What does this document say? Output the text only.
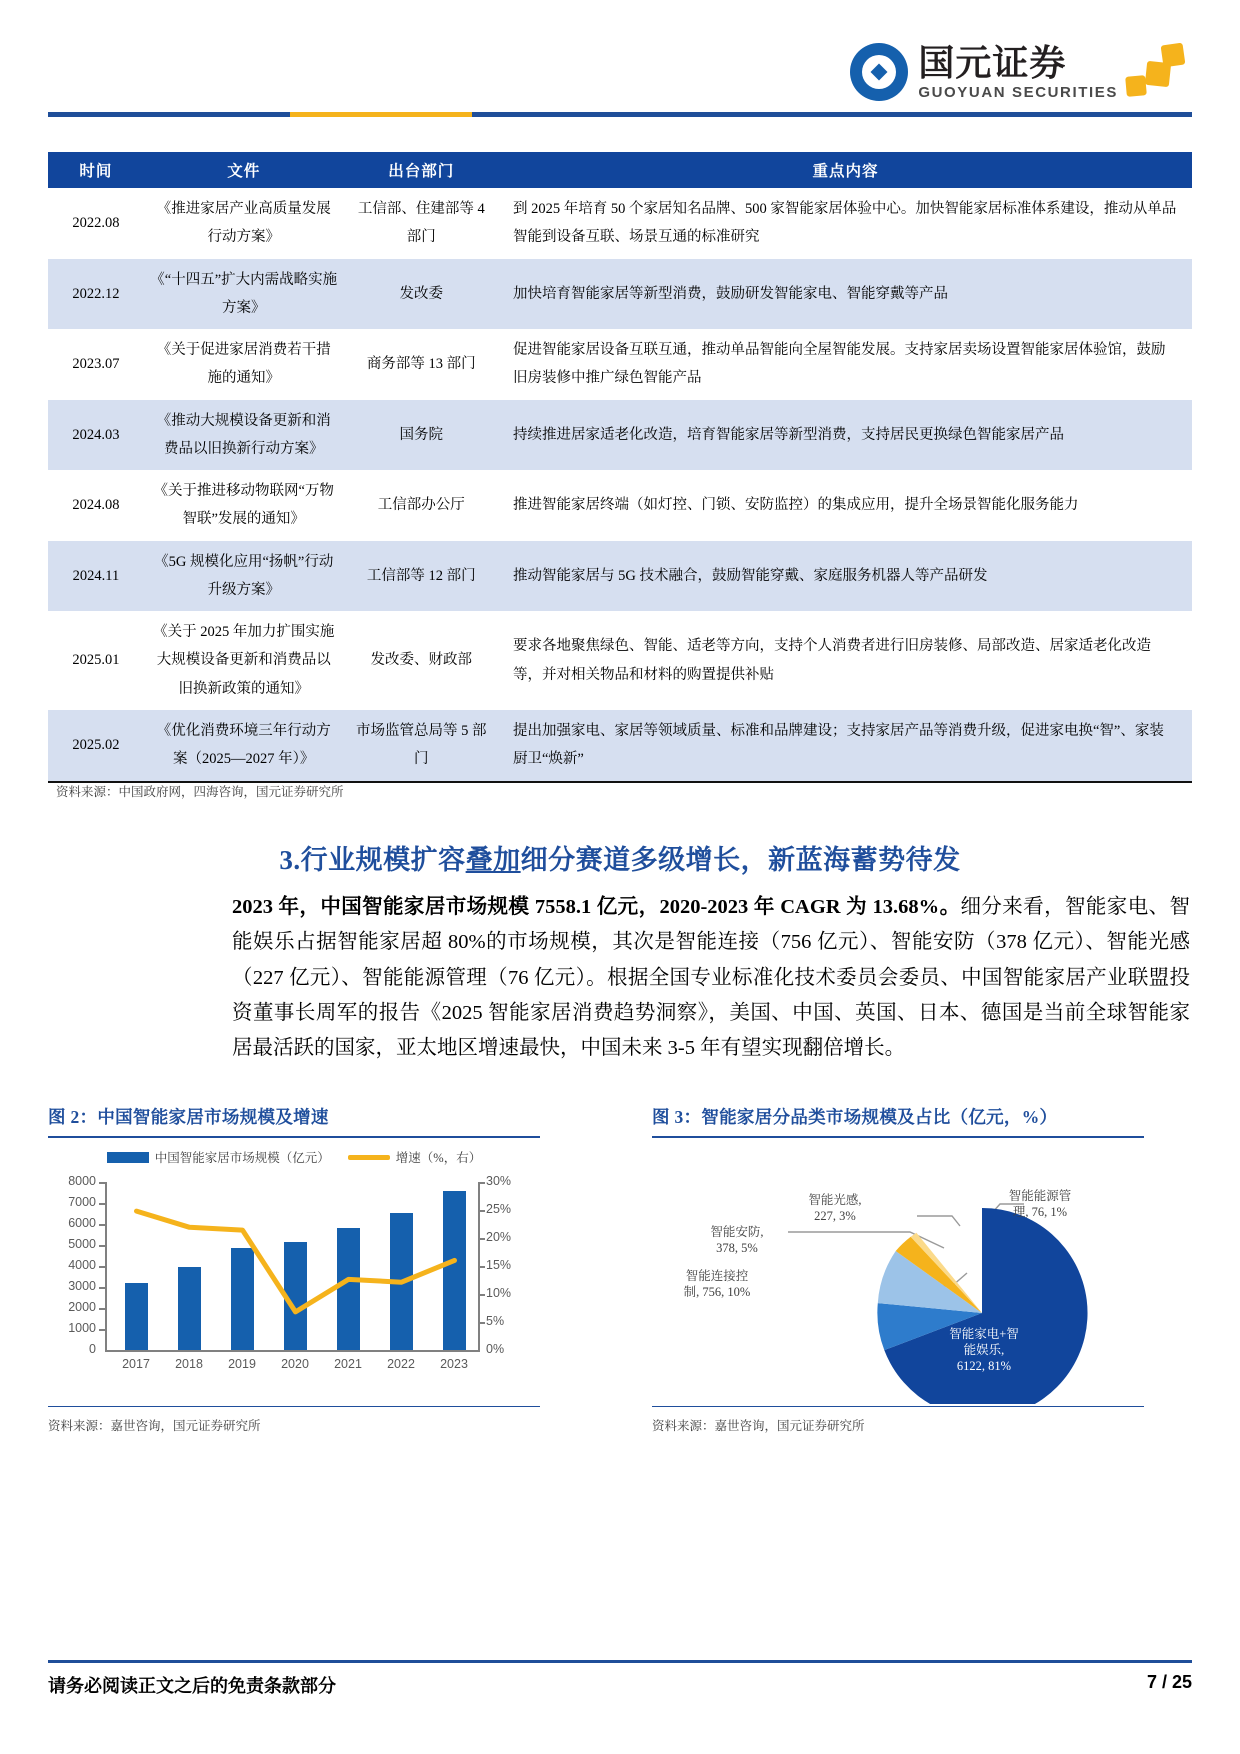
国元证券
GUOYUAN SECURITIES
时间	文件	出台部门	重点内容
2022.08	《推进家居产业高质量发展行动方案》	工信部、住建部等 4 部门	到 2025 年培育 50 个家居知名品牌、500 家智能家居体验中心。加快智能家居标准体系建设，推动从单品智能到设备互联、场景互通的标准研究
2022.12	《“十四五”扩大内需战略实施方案》	发改委	加快培育智能家居等新型消费，鼓励研发智能家电、智能穿戴等产品
2023.07	《关于促进家居消费若干措施的通知》	商务部等 13 部门	促进智能家居设备互联互通，推动单品智能向全屋智能发展。支持家居卖场设置智能家居体验馆，鼓励旧房装修中推广绿色智能产品
2024.03	《推动大规模设备更新和消费品以旧换新行动方案》	国务院	持续推进居家适老化改造，培育智能家居等新型消费，支持居民更换绿色智能家居产品
2024.08	《关于推进移动物联网“万物智联”发展的通知》	工信部办公厅	推进智能家居终端（如灯控、门锁、安防监控）的集成应用，提升全场景智能化服务能力
2024.11	《5G 规模化应用“扬帆”行动升级方案》	工信部等 12 部门	推动智能家居与 5G 技术融合，鼓励智能穿戴、家庭服务机器人等产品研发
2025.01	《关于 2025 年加力扩围实施大规模设备更新和消费品以旧换新政策的通知》	发改委、财政部	要求各地聚焦绿色、智能、适老等方向，支持个人消费者进行旧房装修、局部改造、居家适老化改造等，并对相关物品和材料的购置提供补贴
2025.02	《优化消费环境三年行动方案（2025—2027 年）》	市场监管总局等 5 部门	提出加强家电、家居等领域质量、标准和品牌建设；支持家居产品等消费升级，促进家电换“智”、家装厨卫“焕新”
资料来源：中国政府网，四海咨询，国元证券研究所
3.行业规模扩容叠加细分赛道多级增长，新蓝海蓄势待发
2023 年，中国智能家居市场规模 7558.1 亿元，2020-2023 年 CAGR 为 13.68%。细分来看，智能家电、智能娱乐占据智能家居超 80%的市场规模，其次是智能连接（756 亿元）、智能安防（378 亿元）、智能光感（227 亿元）、智能能源管理（76 亿元）。根据全国专业标准化技术委员会委员、中国智能家居产业联盟投资董事长周军的报告《2025 智能家居消费趋势洞察》，美国、中国、英国、日本、德国是当前全球智能家居最活跃的国家，亚太地区增速最快，中国未来 3-5 年有望实现翻倍增长。
图 2：中国智能家居市场规模及增速
中国智能家居市场规模（亿元）	增速（%，右）
8000
7000
6000
5000
4000
3000
2000
1000
0
30%
25%
20%
15%
10%
5%
0%
2017	2018	2019	2020	2021	2022	2023
资料来源：嘉世咨询，国元证券研究所
图 3：智能家居分品类市场规模及占比（亿元，%）
智能安防,
378, 5%
智能光感,
227, 3%
智能能源管
理, 76, 1%
智能连接控
制, 756, 10%
智能家电+智
能娱乐,
6122, 81%
资料来源：嘉世咨询，国元证券研究所
请务必阅读正文之后的免责条款部分	7 / 25
